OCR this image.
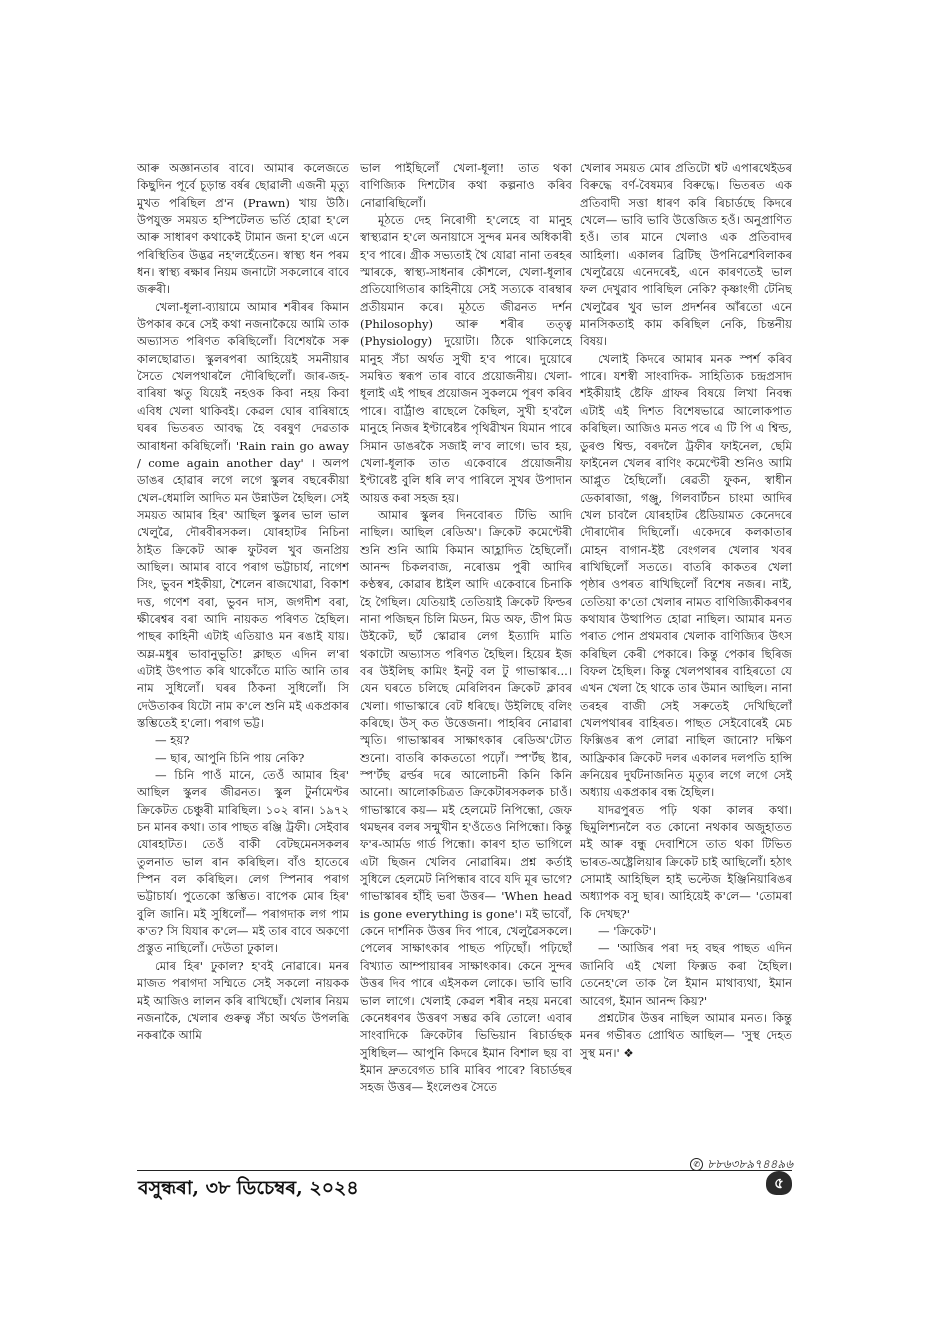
আৰু অজ্ঞানতাৰ বাবে। আমাৰ কলেজতে কিছুদিন পূৰ্বে চূড়ান্ত বৰ্ষৰ ছোৱালী এজনী মৃত্যু মুখত পৰিছিল প্ৰ'ন (Prawn) খায় উঠি। উপযুক্ত সময়ত হস্পিটেলত ভৰ্তি হোৱা হ'লে আৰু সাধাৰণ কথাকেই টামান জনা হ'লে এনে পৰিস্থিতিৰ উদ্ভৱ নহ'লহেঁতেন। স্বাস্থ্য ধন পৰম ধন। স্বাস্থ্য ৰক্ষাৰ নিয়ম জনাটো সকলোৰে বাবে জৰুৰী।

খেলা-ধূলা-ব্যায়ামে আমাৰ শৰীৰৰ কিমান উপকাৰ কৰে সেই কথা নজনাকৈয়ে আমি তাক অভ্যাসত পৰিণত কৰিছিলোঁ। বিশেষকৈ সৰু কালছোৱাত। স্কুলৰপৰা আহিয়েই সমনীয়াৰ সৈতে খেলপথাৰলৈ দৌৰিছিলোঁ। জাৰ-জহ-বাৰিষা ঋতু যিয়েই নহওক কিবা নহয় কিবা এবিধ খেলা থাকিবই। কেৱল ঘোৰ বাৰিষাহে ঘৰৰ ভিতৰত আবদ্ধ হৈ বৰষুণ দেৱতাক আৰাধনা কৰিছিলোঁ। 'Rain rain go away / come again another day' । অলপ ডাঙৰ হোৱাৰ লগে লগে স্কুলৰ বছৰেকীয়া খেল-ধেমালি আদিত মন উন্নাউল হৈছিল। সেই সময়ত আমাৰ হিৰ' আছিল স্কুলৰ ভাল ভাল খেলুৱৈ, দৌৰবীৰসকল। যোৰহাটৰ নিচিনা ঠাইত ক্ৰিকেট আৰু ফুটবল খুব জনপ্ৰিয় আছিল। আমাৰ বাবে পৰাগ ভট্টাচাৰ্য, নাগেশ সিং, ভুবন শইকীয়া, শৈলেন ৰাজখোৱা, বিকাশ দত্ত, গণেশ বৰা, ভুবন দাস, জগদীশ বৰা, ক্ষীৰেশ্বৰ বৰা আদি নায়কত পৰিণত হৈছিল। পাছৰ কাহিনী এটাই এতিয়াও মন ৰঙাই যায়। অম্ল-মধুৰ ভাবানুভূতি! ক্লাছত এদিন ল'ৰা এটাই উৎপাত কৰি থাকোঁতে মাতি আনি তাৰ নাম সুধিলোঁ। ঘৰৰ ঠিকনা সুধিলোঁ। সি দেউতাকৰ যিটো নাম ক'লে শুনি মই একপ্ৰকাৰ স্তম্ভিতেই হ'লো। পৰাগ ভট্ট।

— হয়?

— ছাৰ, আপুনি চিনি পায় নেকি?

— চিনি পাওঁ মানে, তেওঁ আমাৰ হিৰ' আছিল স্কুলৰ জীৱনত। স্কুল টুৰ্নামেণ্টৰ ক্ৰিকেটত চেঞ্চুৰী মাৰিছিল। ১০২ ৰান। ১৯৭২ চন মানৰ কথা। তাৰ পাছত ৰঞ্জি ট্ৰফী। সেইবাৰ যোৰহাটত। তেওঁ বাকী বেটছমেনসকলৰ তুলনাত ভাল ৰান কৰিছিল। বাঁও হাতেৰে স্পিন বল কৰিছিল। লেগ স্পিনাৰ পৰাগ ভট্টাচাৰ্য। পুতেকো স্তম্ভিত। বাপেক মোৰ হিৰ' বুলি জানি। মই সুধিলোঁ— পৰাগদাক লগ পাম ক'ত? সি যিযাৰ ক'লে— মই তাৰ বাবে অকণো প্ৰস্তুত নাছিলোঁ। দেউতা ঢুকাল।

মোৰ হিৰ' ঢুকাল? হ'বই নোৱাৰে। মনৰ মাজত পৰাগদা সম্মিতে সেই সকলো নায়কক মই আজিও লালন কৰি ৰাখিছোঁ। খেলাৰ নিয়ম নজনাকৈ, খেলাৰ গুৰুত্ব সঁচা অৰ্থত উপলব্ধি নকৰাকৈ আমি

ভাল পাইছিলোঁ খেলা-ধূলা! তাত থকা বাণিজ্যিক দিশটোৰ কথা কল্পনাও কৰিব নোৱাৰিছিলোঁ।

মূঠতে দেহ নিৰোগী হ'লেহে বা মানুহ স্বাস্থ্যৱান হ'লে অনায়াসে সুন্দৰ মনৰ অধিকাৰী হ'ব পাৰে। গ্ৰীক সভ্যতাই থৈ যোৱা নানা তৰহৰ স্মাৰকে, স্বাস্থ্য-সাধনাৰ কৌশলে, খেলা-ধূলাৰ প্ৰতিযোগিতাৰ কাহিনীয়ে সেই সত্যকে বাৰম্বাৰ প্ৰতীয়মান কৰে। মূঠতে জীৱনত দৰ্শন (Philosophy) আৰু শৰীৰ তত্ত্ব (Physiology) দুয়োটা। ঠিকে থাকিলেহে মানুহ সঁচা অৰ্থত সুখী হ'ব পাৰে। দুয়োৰে সমন্বিত স্বৰূপ তাৰ বাবে প্ৰয়োজনীয়। খেলা-ধূলাই এই পাছৰ প্ৰয়োজন সুকলমে পূৰণ কৰিব পাৰে। বাৰ্ট্ৰাণ্ড ৰাছেলে কৈছিল, সুখী হ'বলৈ মানুহে নিজৰ ইণ্টাৰেষ্টৰ পৃথিৱীখন যিমান পাৰে সিমান ডাঙৰকৈ সজাই ল'ব লাগে। ভাব হয়, খেলা-ধূলাক তাত একেবাৰে প্ৰয়োজনীয় ইণ্টাৰেষ্ট বুলি ধৰি ল'ব পাৰিলে সুখৰ উপাদান আয়ত্ত কৰা সহজ হয়।

আমাৰ স্কুলৰ দিনবোৰত টিভি আদি নাছিল। আছিল ৰেডিঅ'। ক্ৰিকেট কমেণ্টেৰী শুনি শুনি আমি কিমান আহ্লাদিত হৈছিলোঁ। আনন্দ চিকলবাজ, নৰোত্তম পুৰী আদিৰ কণ্ঠস্বৰ, কোৱাৰ ষ্টাইল আদি একেবাৰে চিনাকি হৈ গৈছিল। যেতিয়াই তেতিয়াই ক্ৰিকেট ফিল্ডৰ নানা পজিছন চিলি মিডন, মিড অফ, ডীপ মিড উইকেট, ছৰ্ট স্কোৱাৰ লেগ ইত্যাদি মাতি থকাটো অভ্যাসত পৰিণত হৈছিল। হিয়েৰ ইজ বৰ উইলিছ কামিং ইনটু বল টু গাভাস্কাৰ...। যেন ঘৰতে চলিছে মেৰিলিবন ক্ৰিকেট ক্লাবৰ খেলা। গাভাস্কাৰে বেট ধৰিছে। উইলিছে বলিং কৰিছে। উস্ কত উত্তেজনা। পাহৰিব নোৱাৰা স্মৃতি। গাভাস্কাৰৰ সাক্ষাৎকাৰ ৰেডিঅ'টোত শুনো। বাতৰি কাকততো পঢ়োঁ। স্প'ৰ্টছ ষ্টাৰ, স্প'ৰ্টছ ৱৰ্ল্ডৰ দৰে আলোচনী কিনি কিনি আনো। আলোকচিত্ৰত ক্ৰিকেটাৰসকলক চাওঁ। গাভাস্কাৰে কয়— মই হেলমেট নিপিন্ধো, জেফ থমছনৰ বলৰ সন্মুখীন হ'ওঁতেও নিপিন্ধো। কিন্তু ফ'ৰ-আৰ্মড গাৰ্ড পিন্ধো। কাৰণ হাত ভাগিলে এটা ছিজন খেলিব নোৱাৰিম। প্ৰশ্ন কৰ্তাই সুধিলে হেলমেট নিপিন্ধাৰ বাবে যদি মূৰ ভাগে? গাভাস্কাৰৰ হাঁহি ভৰা উত্তৰ— 'When head is gone everything is gone'। মই ভাবোঁ, কেনে দাৰ্শনিক উত্তৰ দিব পাৰে, খেলুৱৈসকলে। পেলেৰ সাক্ষাৎকাৰ পাছত পঢ়িছোঁ। পঢ়িছোঁ বিখ্যাত আম্পায়াৰৰ সাক্ষাৎকাৰ। কেনে সুন্দৰ উত্তৰ দিব পাৰে এইসকল লোকে। ভাবি ভাবি ভাল লাগে। খেলাই কেৱল শৰীৰ নহয় মনৰো কেনেধৰণৰ উত্তৰণ সম্ভৱ কৰি তোলে! এবাৰ সাংবাদিকে ক্ৰিকেটাৰ ভিভিয়ান ৰিচাৰ্ডছক সুধিছিল— আপুনি কিদৰে ইমান বিশাল ছয় বা ইমান দ্ৰুতবেগত চাৰি মাৰিব পাৰে? ৰিচাৰ্ডছৰ সহজ উত্তৰ— ইংলেণ্ডৰ সৈতে

খেলাৰ সময়ত মোৰ প্ৰতিটো শ্বট এপাৰথেইডৰ বিৰুদ্ধে বৰ্ণ-বৈষম্যৰ বিৰুদ্ধে। ভিতৰত এক প্ৰতিবাদী সত্তা ধাৰণ কৰি ৰিচাৰ্ডছে কিদৰে খেলে— ভাবি ভাবি উত্তেজিত হওঁ। অনুপ্ৰাণিত হওঁ। তাৰ মানে খেলাও এক প্ৰতিবাদৰ আহিলা। একালৰ ব্ৰিটিছ উপনিৱেশবিলাকৰ খেলুৱৈয়ে এনেদৰেই, এনে কাৰণতেই ভাল ফল দেখুৱাব পাৰিছিল নেকি? কৃষ্ণাংগী টেনিছ খেলুৱৈৰ খুব ভাল প্ৰদৰ্শনৰ আঁৰতো এনে মানসিকতাই কাম কৰিছিল নেকি, চিন্তনীয় বিষয়।

খেলাই কিদৰে আমাৰ মনক স্পৰ্শ কৰিব পাৰে। যশস্বী সাংবাদিক- সাহিত্যিক চন্দ্ৰপ্ৰসাদ শইকীয়াই ষ্টেফি গ্ৰাফৰ বিষয়ে লিখা নিবন্ধ এটাই এই দিশত বিশেষভাৱে আলোকপাত কৰিছিল। আজিও মনত পৰে এ টি পি এ শ্বিল্ড, ডুৰণ্ড শ্বিল্ড, বৰদলৈ ট্ৰফীৰ ফাইনেল, ছেমি ফাইনেল খেলৰ ৰাণিং কমেণ্টেৰী শুনিও আমি আপ্লুত হৈছিলোঁ। ৰেৱতী ফুকন, স্বাধীন ডেকাৰাজা, গঞ্জু, গিলবাৰ্টচন চাংমা আদিৰ খেল চাবলৈ যোৰহাটৰ ষ্টেডিয়ামত কেনেদৰে দৌৰাদৌৰ দিছিলোঁ। একেদৰে কলকাতাৰ মোহন বাগান-ইষ্ট বেংগলৰ খেলাৰ খবৰ ৰাখিছিলোঁ সততে। বাতৰি কাকতৰ খেলা পৃষ্ঠাৰ ওপৰত ৰাখিছিলোঁ বিশেষ নজৰ। নাই, তেতিয়া ক'তো খেলাৰ নামত বাণিজ্যিকীকৰণৰ কথাযাৰ উত্থাপিত হোৱা নাছিল। আমাৰ মনত পৰাত পোন প্ৰথমবাৰ খেলাক বাণিজ্যিৰ উৎস কৰিছিল কেৰী পেকাৰে। কিন্তু পেকাৰ ছিৰিজ বিফল হৈছিল। কিন্তু খেলপথাৰৰ বাহিৰতো যে এখন খেলা হৈ থাকে তাৰ উমান আছিল। নানা তৰহৰ বাজী সেই সৰুতেই দেখিছিলোঁ খেলপথাৰৰ বাহিৰত। পাছত সেইবোৰেই মেচ ফিক্সিঙৰ ৰূপ লোৱা নাছিল জানো? দক্ষিণ আফ্ৰিকাৰ ক্ৰিকেট দলৰ একালৰ দলপতি হান্সি ক্ৰনিয়েৰ দুৰ্ঘটনাজনিত মৃত্যুৰ লগে লগে সেই অধ্যায় একপ্ৰকাৰ বন্ধ হৈছিল।

যাদৱপুৰত পঢ়ি থকা কালৰ কথা। ছিমুলিশ্যনলৈ বত কোনো নথকাৰ অজুহাতত মই আৰু বন্ধু দেবাশিসে তাত থকা টিভিত ভাৰত-অষ্ট্ৰেলিয়াৰ ক্ৰিকেট চাই আছিলোঁ। হঠাৎ সোমাই আহিছিল হাই ভল্টেজ ইঞ্জিনিয়াৰিঙৰ অধ্যাপক বসু ছাৰ। আহিয়েই ক'লে— 'তোমৰা কি দেখছ?'

— 'ক্ৰিকেট'।

— 'আজিৰ পৰা দহ বছৰ পাছত এদিন জানিবি এই খেলা ফিক্সড কৰা হৈছিল। তেনেহ'লে তাক লৈ ইমান মাথাব্যথা, ইমান আবেগ, ইমান আনন্দ কিয়?'

প্ৰশ্নটোৰ উত্তৰ নাছিল আমাৰ মনত। কিন্তু মনৰ গভীৰত প্ৰোথিত আছিল— 'সুস্থ দেহত সুস্থ মন।' ❖

✆ ৮৮৬৩৮৯৭৪৪৯৬
বসুন্ধৰা, ৩৮ ডিচেম্বৰ, ২০২৪	৫
